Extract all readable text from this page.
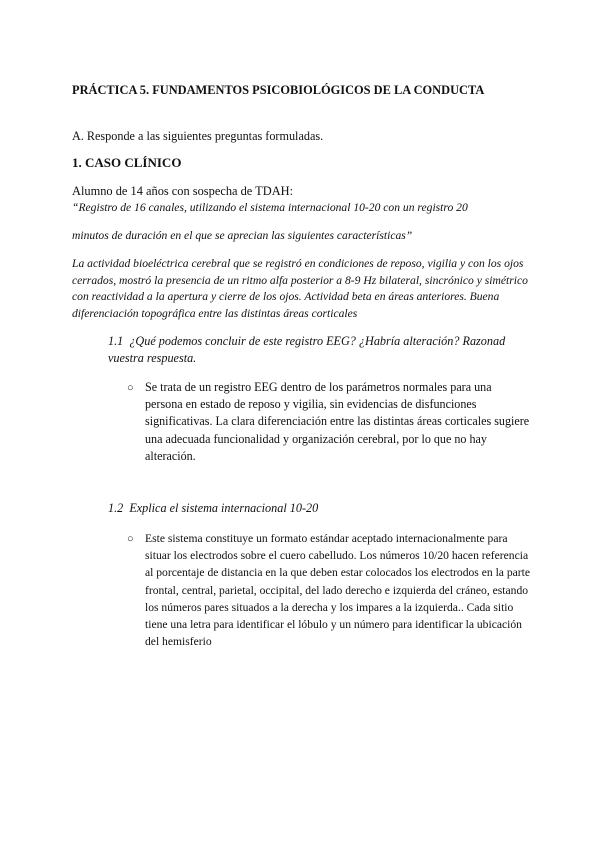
PRÁCTICA 5. FUNDAMENTOS PSICOBIOLÓGICOS DE LA CONDUCTA
A. Responde a las siguientes preguntas formuladas.
1. CASO CLÍNICO
Alumno de 14 años con sospecha de TDAH:
“Registro de 16 canales, utilizando el sistema internacional 10-20 con un registro 20
minutos de duración en el que se aprecian las siguientes características”
La actividad bioeléctrica cerebral que se registró en condiciones de reposo, vigilia y con los ojos cerrados, mostró la presencia de un ritmo alfa posterior a 8-9 Hz bilateral, sincrónico y simétrico con reactividad a la apertura y cierre de los ojos. Actividad beta en áreas anteriores. Buena diferenciación topográfica entre las distintas áreas corticales
1.1 ¿Qué podemos concluir de este registro EEG? ¿Habría alteración? Razonad vuestra respuesta.
○ Se trata de un registro EEG dentro de los parámetros normales para una persona en estado de reposo y vigilia, sin evidencias de disfunciones significativas. La clara diferenciación entre las distintas áreas corticales sugiere una adecuada funcionalidad y organización cerebral, por lo que no hay alteración.
1.2 Explica el sistema internacional 10-20
○ Este sistema constituye un formato estándar aceptado internacionalmente para situar los electrodos sobre el cuero cabelludo. Los números 10/20 hacen referencia al porcentaje de distancia en la que deben estar colocados los electrodos en la parte frontal, central, parietal, occipital, del lado derecho e izquierda del cráneo, estando los números pares situados a la derecha y los impares a la izquierda.. Cada sitio tiene una letra para identificar el lóbulo y un número para identificar la ubicación del hemisferio
